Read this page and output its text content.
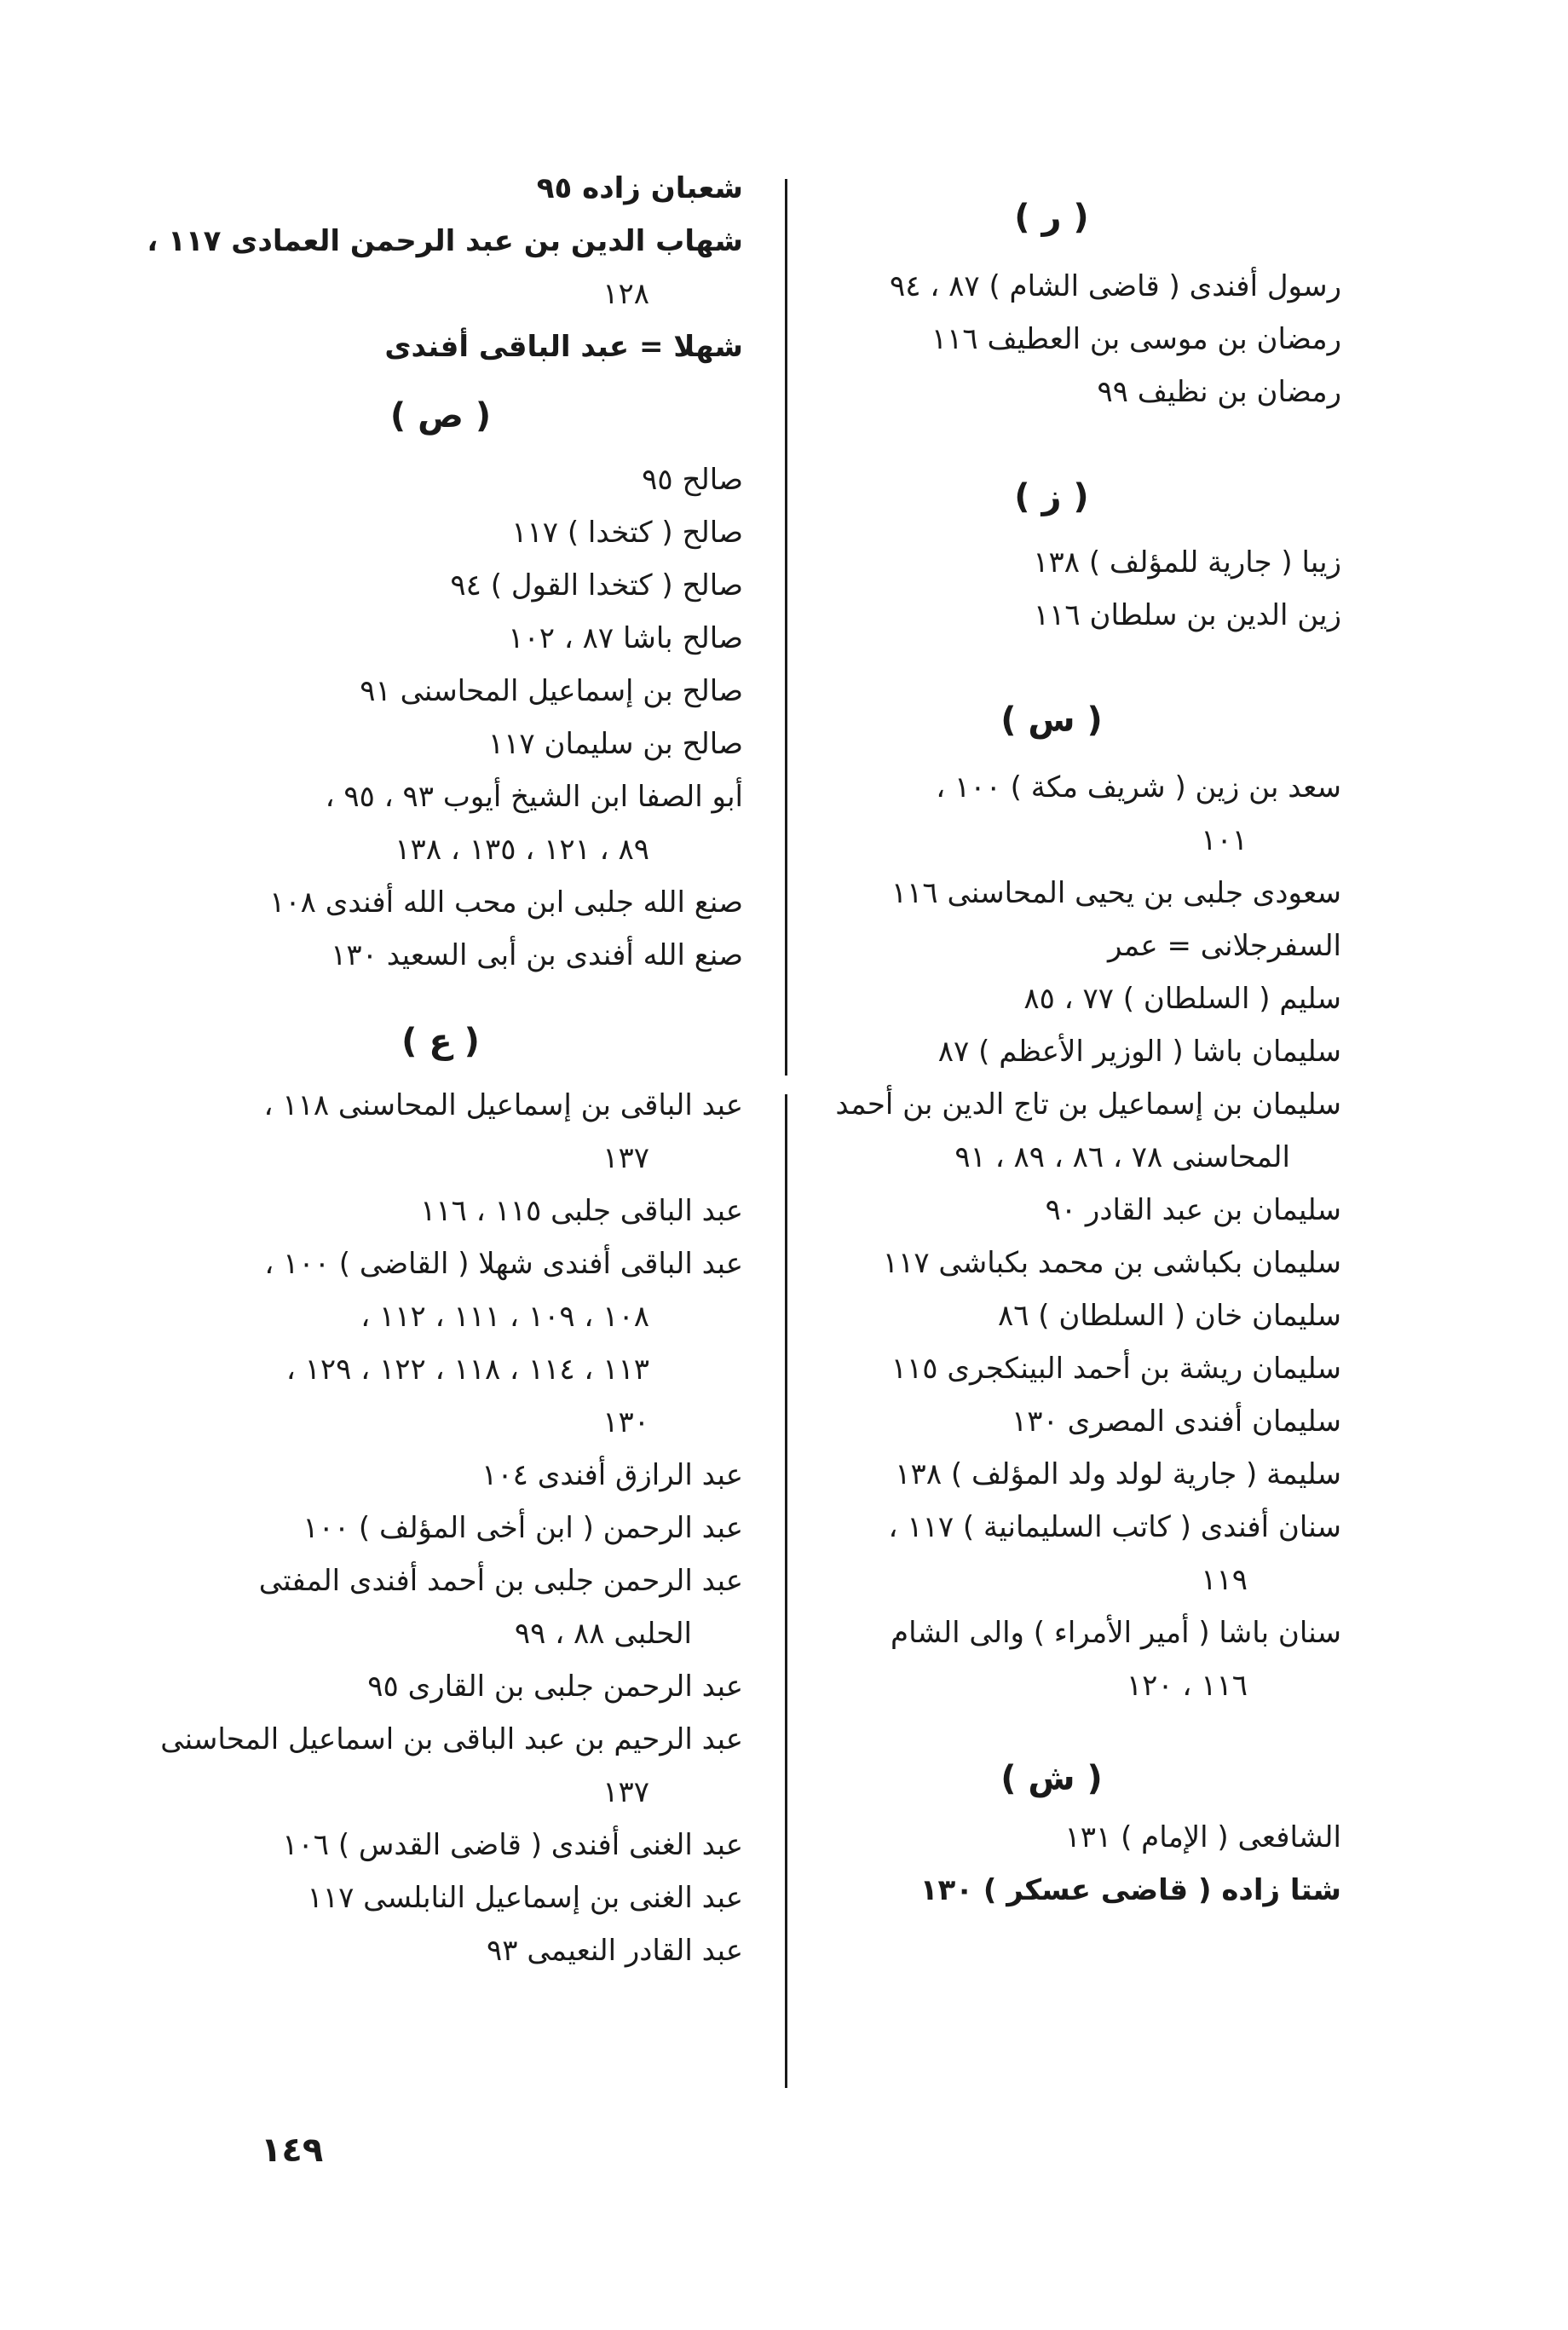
( ر )
رسول أفندى ( قاضى الشام ) ٨٧ ، ٩٤
رمضان بن موسى بن العطيف ١١٦
رمضان بن نظيف ٩٩
( ز )
زيبا ( جارية للمؤلف ) ١٣٨
زين الدين بن سلطان ١١٦
( س )
سعد بن زين ( شريف مكة ) ١٠٠ ،
١٠١
سعودى جلبى بن يحيى المحاسنى ١١٦
السفرجلانى = عمر
سليم ( السلطان ) ٧٧ ، ٨٥
سليمان باشا ( الوزير الأعظم ) ٨٧
سليمان بن إسماعيل بن تاج الدين بن أحمد
المحاسنى ٧٨ ، ٨٦ ، ٨٩ ، ٩١
سليمان بن عبد القادر ٩٠
سليمان بكباشى بن محمد بكباشى ١١٧
سليمان خان ( السلطان ) ٨٦
سليمان ريشة بن أحمد البينكجرى ١١٥
سليمان أفندى المصرى ١٣٠
سليمة ( جارية لولد ولد المؤلف ) ١٣٨
سنان أفندى ( كاتب السليمانية ) ١١٧ ،
١١٩
سنان باشا ( أمير الأمراء ) والى الشام
١١٦ ، ١٢٠
( ش )
الشافعى ( الإمام ) ١٣١
شتا زاده ( قاضى عسكر ) ١٣٠
شعبان زاده ٩٥
شهاب الدين بن عبد الرحمن العمادى ١١٧ ،
١٢٨
شهلا = عبد الباقى أفندى
( ص )
صالح ٩٥
صالح ( كتخدا ) ١١٧
صالح ( كتخدا القول ) ٩٤
صالح باشا ٨٧ ، ١٠٢
صالح بن إسماعيل المحاسنى ٩١
صالح بن سليمان ١١٧
أبو الصفا ابن الشيخ أيوب ٩٣ ، ٩٥ ،
٨٩ ، ١٢١ ، ١٣٥ ، ١٣٨
صنع الله جلبى ابن محب الله أفندى ١٠٨
صنع الله أفندى بن أبى السعيد ١٣٠
( ع )
عبد الباقى بن إسماعيل المحاسنى ١١٨ ،
١٣٧
عبد الباقى جلبى ١١٥ ، ١١٦
عبد الباقى أفندى شهلا ( القاضى ) ١٠٠ ،
١٠٨ ، ١٠٩ ، ١١١ ، ١١٢ ،
١١٣ ، ١١٤ ، ١١٨ ، ١٢٢ ، ١٢٩ ،
١٣٠
عبد الرازق أفندى ١٠٤
عبد الرحمن ( ابن أخى المؤلف ) ١٠٠
عبد الرحمن جلبى بن أحمد أفندى المفتى
الحلبى ٨٨ ، ٩٩
عبد الرحمن جلبى بن القارى ٩٥
عبد الرحيم بن عبد الباقى بن اسماعيل المحاسنى
١٣٧
عبد الغنى أفندى ( قاضى القدس ) ١٠٦
عبد الغنى بن إسماعيل النابلسى ١١٧
عبد القادر النعيمى ٩٣
١٤٩
